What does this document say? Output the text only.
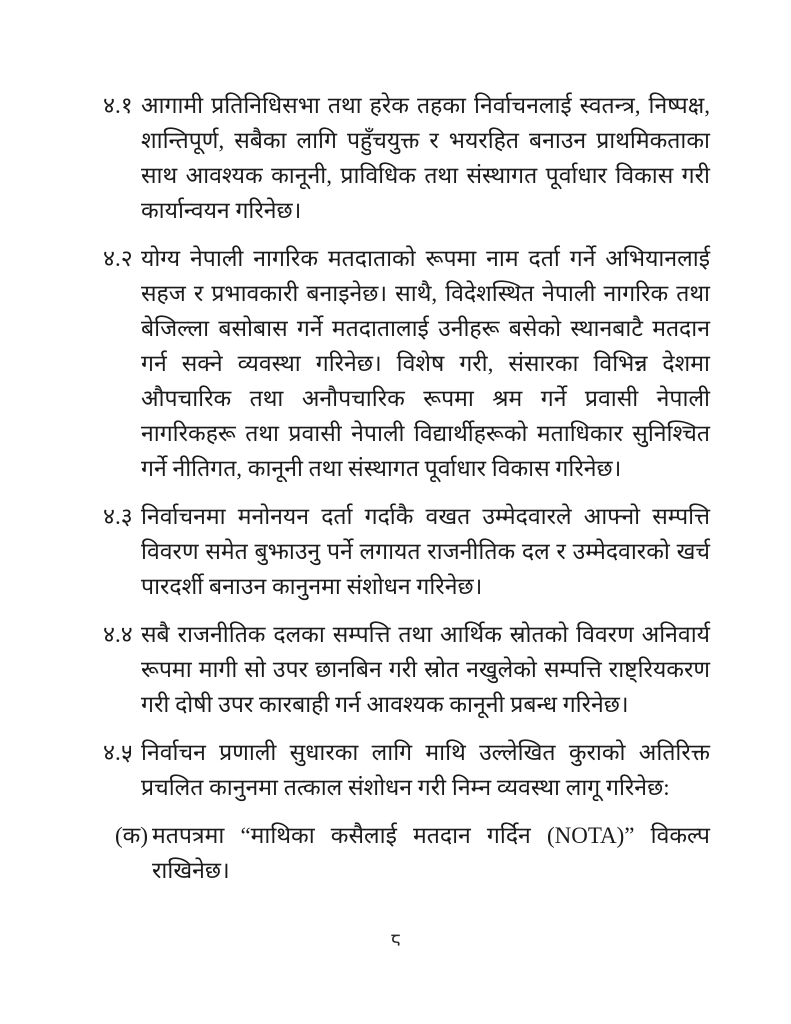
४.१ आगामी प्रतिनिधिसभा तथा हरेक तहका निर्वाचनलाई स्वतन्त्र, निष्पक्ष, शान्तिपूर्ण, सबैका लागि पहुँचयुक्त र भयरहित बनाउन प्राथमिकताका साथ आवश्यक कानूनी, प्राविधिक तथा संस्थागत पूर्वाधार विकास गरी कार्यान्वयन गरिनेछ।
४.२ योग्य नेपाली नागरिक मतदाताको रूपमा नाम दर्ता गर्ने अभियानलाई सहज र प्रभावकारी बनाइनेछ। साथै, विदेशस्थित नेपाली नागरिक तथा बेजिल्ला बसोबास गर्ने मतदातालाई उनीहरू बसेको स्थानबाटै मतदान गर्न सक्ने व्यवस्था गरिनेछ। विशेष गरी, संसारका विभिन्न देशमा औपचारिक तथा अनौपचारिक रूपमा श्रम गर्ने प्रवासी नेपाली नागरिकहरू तथा प्रवासी नेपाली विद्यार्थीहरूको मताधिकार सुनिश्चित गर्ने नीतिगत, कानूनी तथा संस्थागत पूर्वाधार विकास गरिनेछ।
४.३ निर्वाचनमा मनोनयन दर्ता गर्दाकै वखत उम्मेदवारले आफ्नो सम्पत्ति विवरण समेत बुझाउनु पर्ने लगायत राजनीतिक दल र उम्मेदवारको खर्च पारदर्शी बनाउन कानुनमा संशोधन गरिनेछ।
४.४ सबै राजनीतिक दलका सम्पत्ति तथा आर्थिक स्रोतको विवरण अनिवार्य रूपमा मागी सो उपर छानबिन गरी स्रोत नखुलेको सम्पत्ति राष्ट्रियकरण गरी दोषी उपर कारबाही गर्न आवश्यक कानूनी प्रबन्ध गरिनेछ।
४.५ निर्वाचन प्रणाली सुधारका लागि माथि उल्लेखित कुराको अतिरिक्त प्रचलित कानुनमा तत्काल संशोधन गरी निम्न व्यवस्था लागू गरिनेछ:
(क) मतपत्रमा “माथिका कसैलाई मतदान गर्दिन (NOTA)” विकल्प राखिनेछ।
८
